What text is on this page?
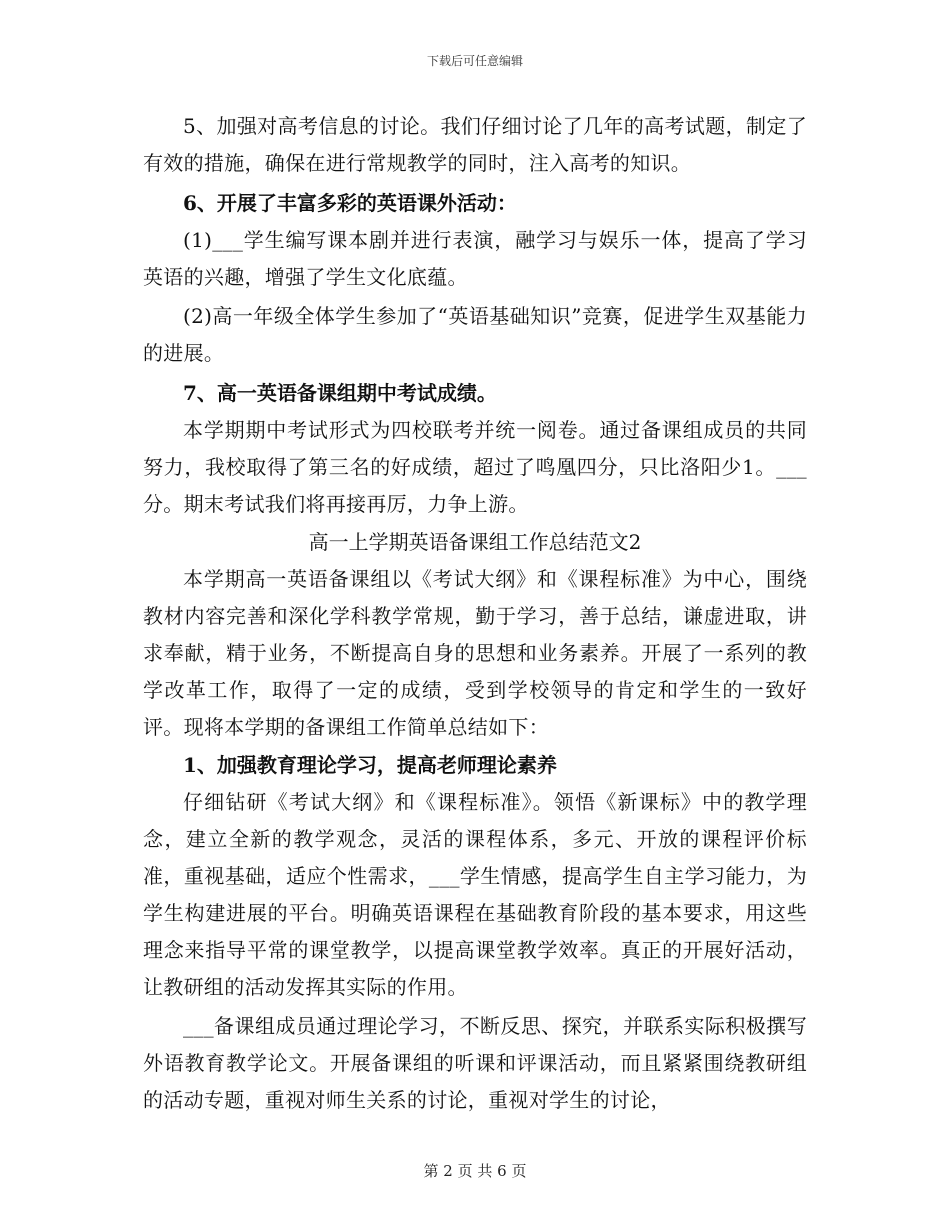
下载后可任意编辑

5、加强对高考信息的讨论。我们仔细讨论了几年的高考试题，制定了有效的措施，确保在进行常规教学的同时，注入高考的知识。

6、开展了丰富多彩的英语课外活动：

(1)___学生编写课本剧并进行表演，融学习与娱乐一体，提高了学习英语的兴趣，增强了学生文化底蕴。

(2)高一年级全体学生参加了“英语基础知识”竞赛，促进学生双基能力的进展。

7、高一英语备课组期中考试成绩。

本学期期中考试形式为四校联考并统一阅卷。通过备课组成员的共同努力，我校取得了第三名的好成绩，超过了鸣凰四分，只比洛阳少1。___分。期末考试我们将再接再厉，力争上游。

高一上学期英语备课组工作总结范文2

本学期高一英语备课组以《考试大纲》和《课程标准》为中心，围绕教材内容完善和深化学科教学常规，勤于学习，善于总结，谦虚进取，讲求奉献，精于业务，不断提高自身的思想和业务素养。开展了一系列的教学改革工作，取得了一定的成绩，受到学校领导的肯定和学生的一致好评。现将本学期的备课组工作简单总结如下：

1、加强教育理论学习，提高老师理论素养

仔细钻研《考试大纲》和《课程标准》。领悟《新课标》中的教学理念，建立全新的教学观念，灵活的课程体系，多元、开放的课程评价标准，重视基础，适应个性需求，___学生情感，提高学生自主学习能力，为学生构建进展的平台。明确英语课程在基础教育阶段的基本要求，用这些理念来指导平常的课堂教学，以提高课堂教学效率。真正的开展好活动，让教研组的活动发挥其实际的作用。

___备课组成员通过理论学习，不断反思、探究，并联系实际积极撰写外语教育教学论文。开展备课组的听课和评课活动，而且紧紧围绕教研组的活动专题，重视对师生关系的讨论，重视对学生的讨论，

第 2 页 共 6 页
